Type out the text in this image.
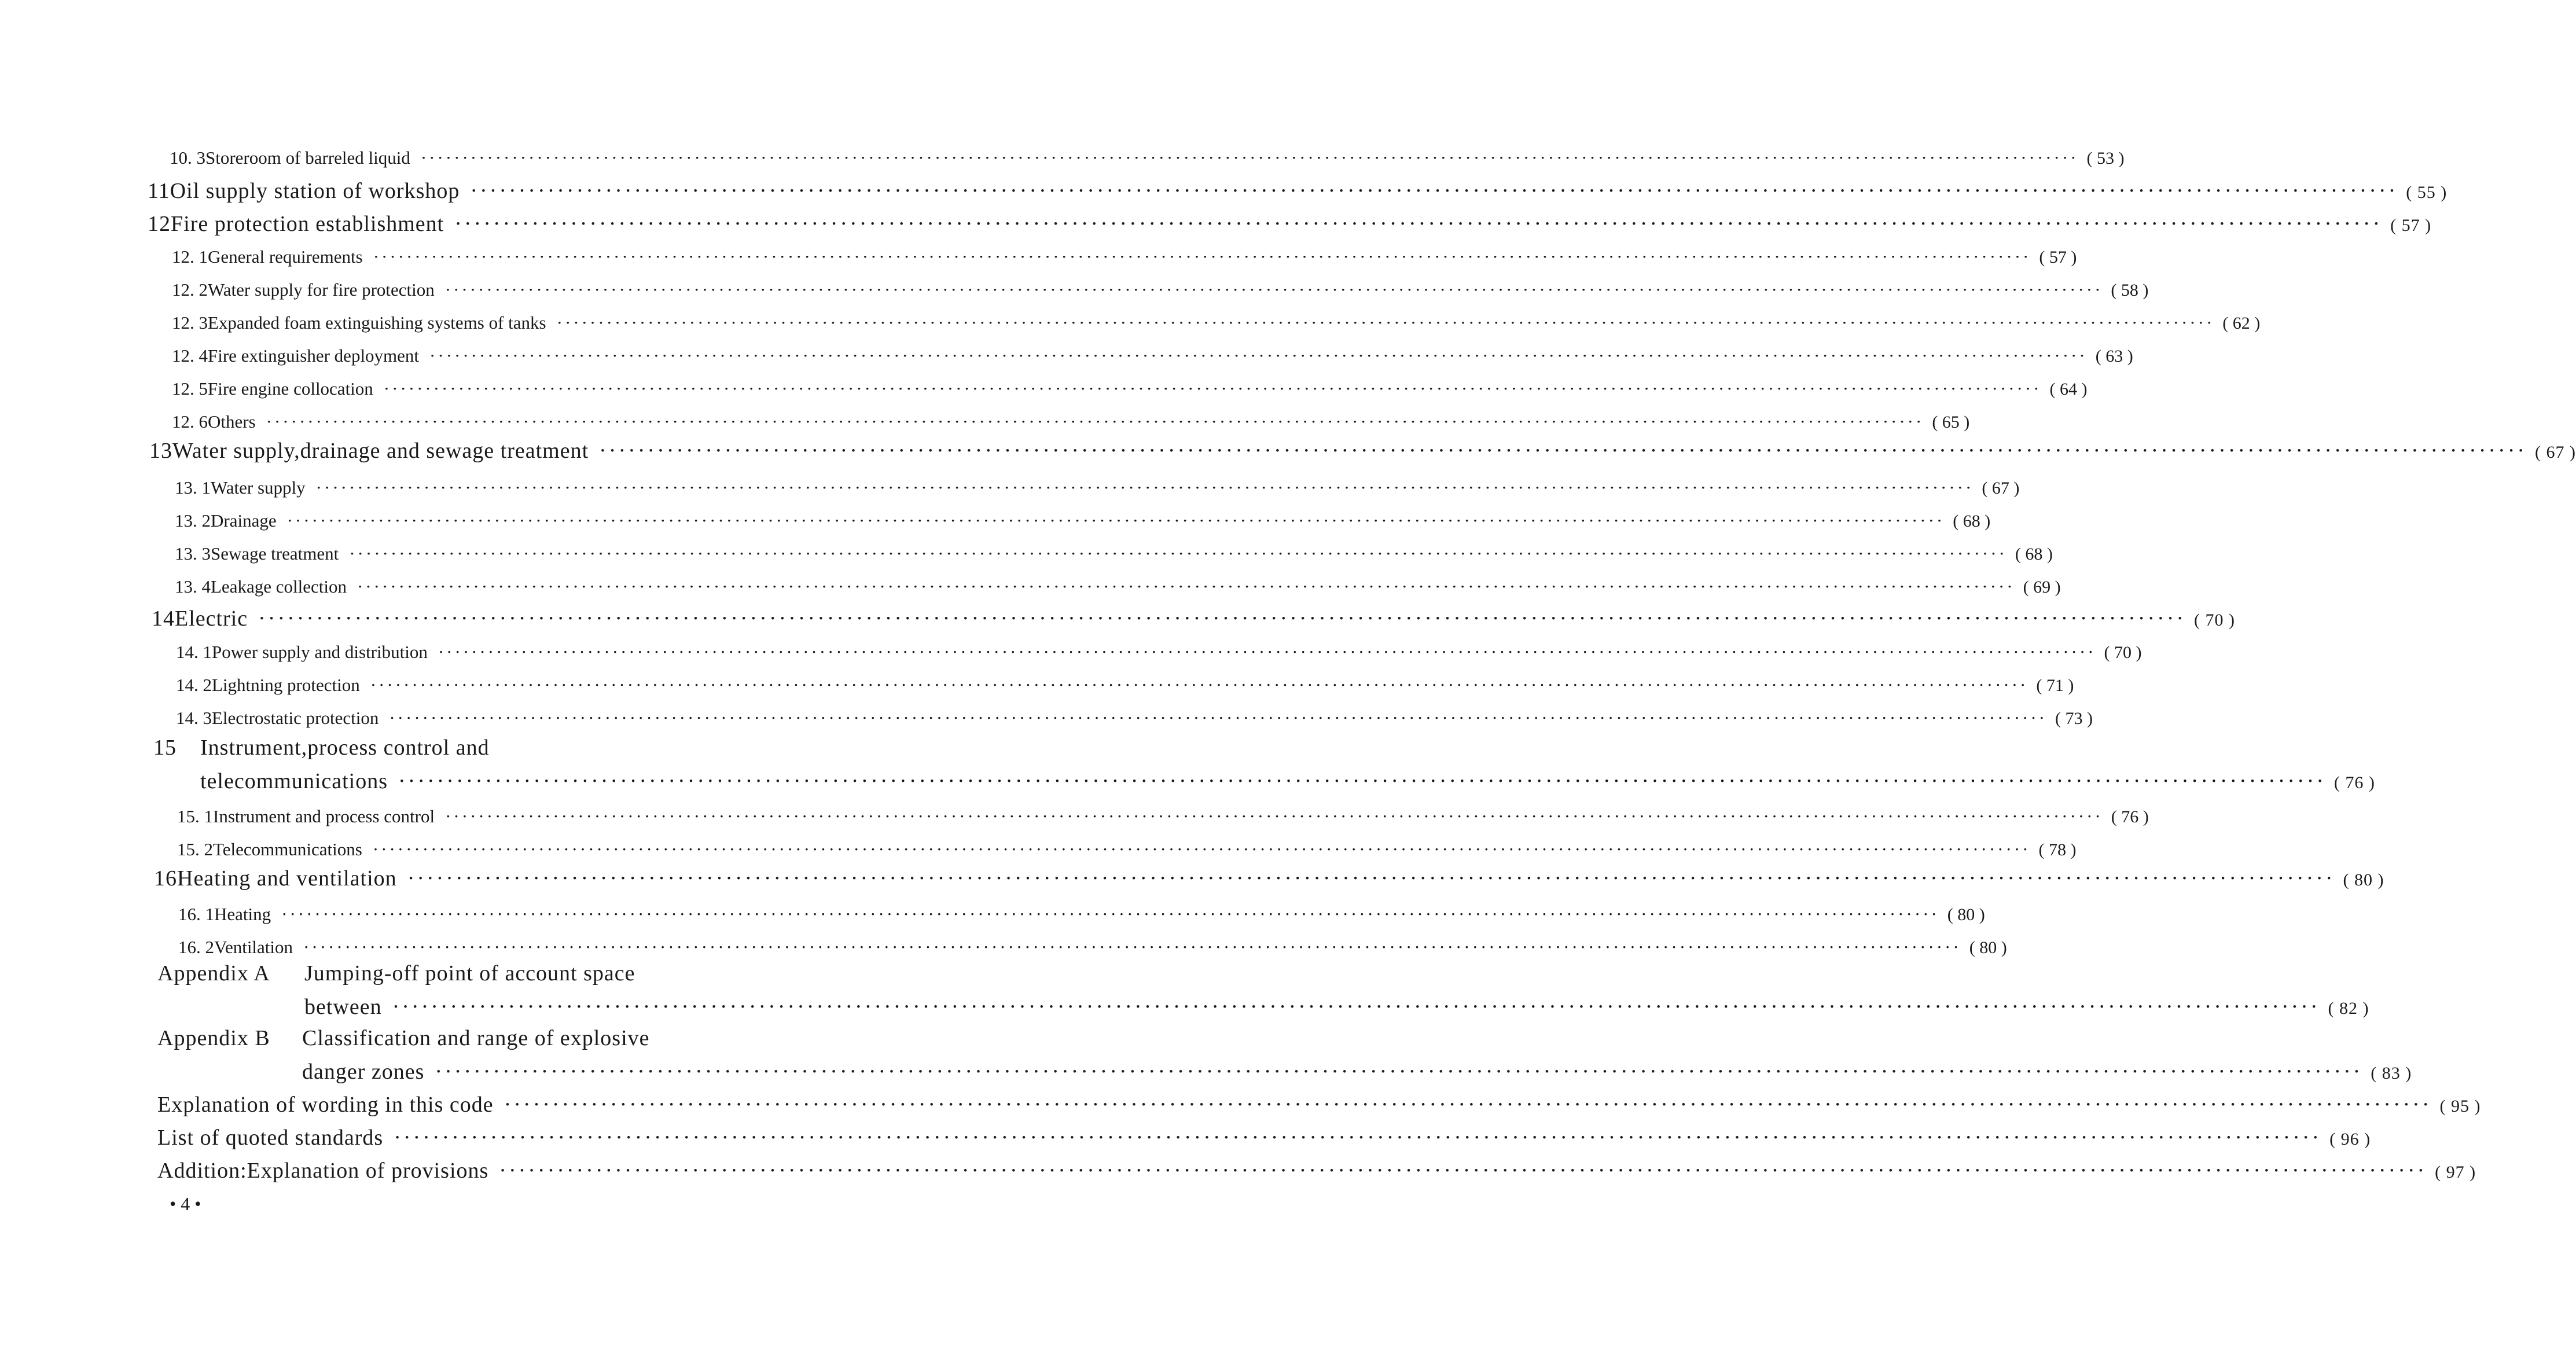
10. 3 Storeroom of barreled liquid ········································································································································································································ ( 53 )
11 Oil supply station of workshop ········································································································································································································ ( 55 )
12 Fire protection establishment ········································································································································································································ ( 57 )
12. 1 General requirements ········································································································································································································ ( 57 )
12. 2 Water supply for fire protection ········································································································································································································ ( 58 )
12. 3 Expanded foam extinguishing systems of tanks ········································································································································································································ ( 62 )
12. 4 Fire extinguisher deployment ········································································································································································································ ( 63 )
12. 5 Fire engine collocation ········································································································································································································ ( 64 )
12. 6 Others ········································································································································································································ ( 65 )
13 Water supply,drainage and sewage treatment ········································································································································································································ ( 67 )
13. 1 Water supply ········································································································································································································ ( 67 )
13. 2 Drainage ········································································································································································································ ( 68 )
13. 3 Sewage treatment ········································································································································································································ ( 68 )
13. 4 Leakage collection ········································································································································································································ ( 69 )
14 Electric ········································································································································································································ ( 70 )
14. 1 Power supply and distribution ········································································································································································································ ( 70 )
14. 2 Lightning protection ········································································································································································································ ( 71 )
14. 3 Electrostatic protection ········································································································································································································ ( 73 )
15 Instrument,process control and
telecommunications ········································································································································································································ ( 76 )
15. 1 Instrument and process control ········································································································································································································ ( 76 )
15. 2 Telecommunications ········································································································································································································ ( 78 )
16 Heating and ventilation ········································································································································································································ ( 80 )
16. 1 Heating ········································································································································································································ ( 80 )
16. 2 Ventilation ········································································································································································································ ( 80 )
Appendix A Jumping-off point of account space
between ········································································································································································································ ( 82 )
Appendix B Classification and range of explosive
danger zones ········································································································································································································ ( 83 )
Explanation of wording in this code ········································································································································································································ ( 95 )
List of quoted standards ········································································································································································································ ( 96 )
Addition:Explanation of provisions ········································································································································································································ ( 97 )
• 4 •
